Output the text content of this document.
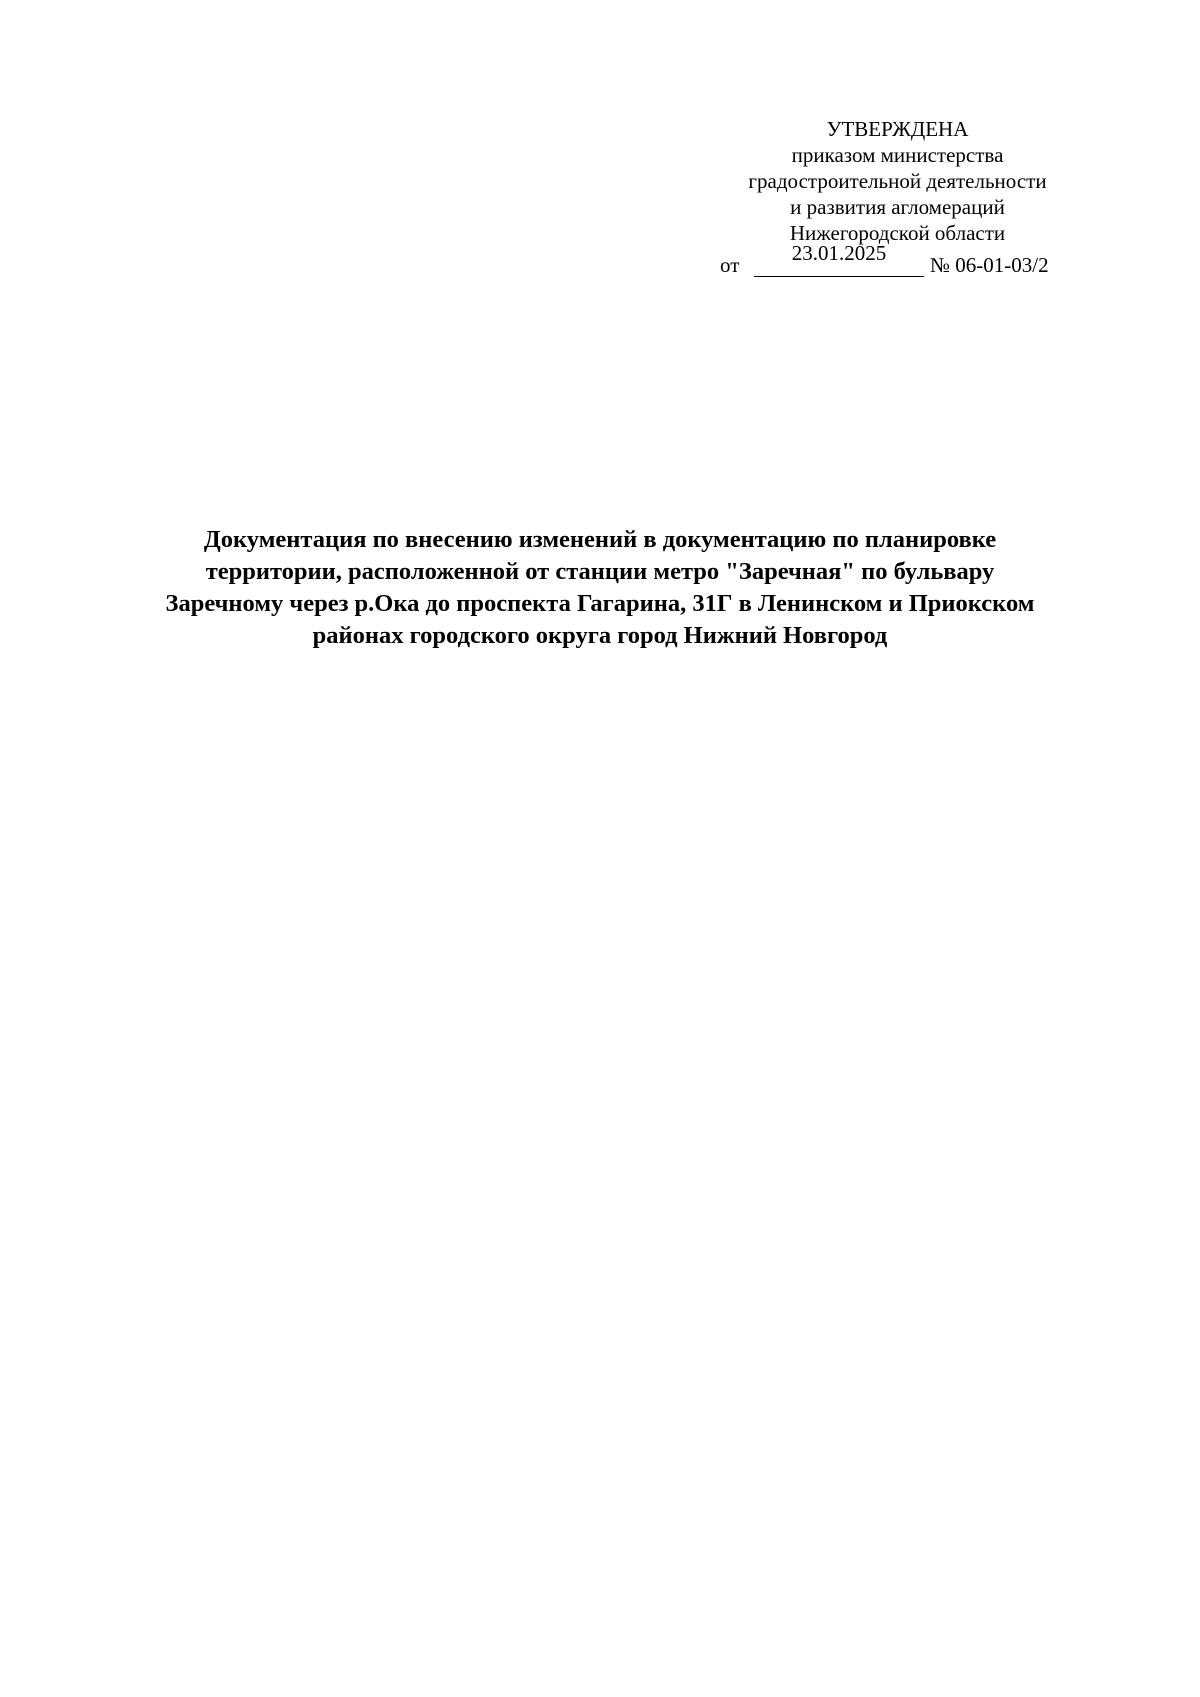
УТВЕРЖДЕНА
приказом министерства
градостроительной деятельности
и развития агломераций
Нижегородской области
от	23.01.2025	№ 06-01-03/2
Документация по внесению изменений в документацию по планировке
территории, расположенной от станции метро "Заречная" по бульвару
Заречному через р.Ока до проспекта Гагарина, 31Г в Ленинском и Приокском
районах городского округа город Нижний Новгород
